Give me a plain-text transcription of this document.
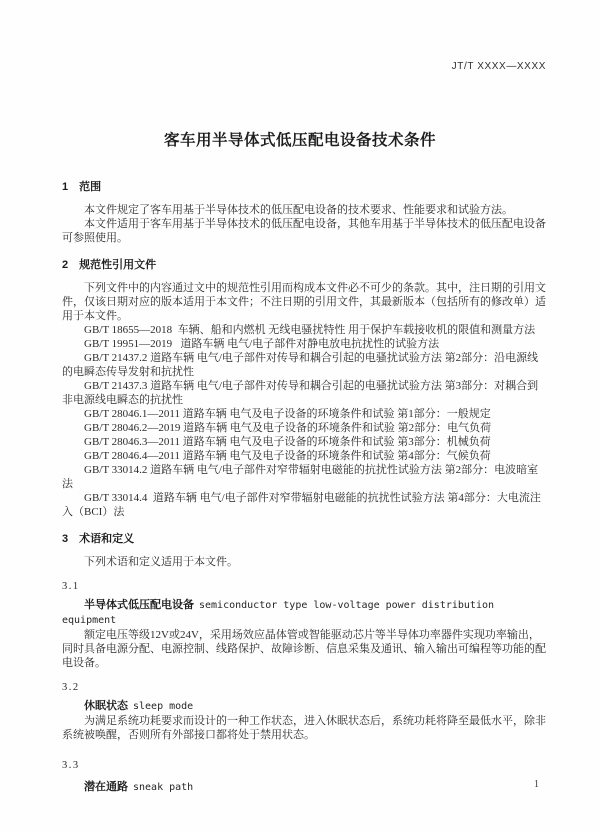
JT/T XXXX—XXXX
客车用半导体式低压配电设备技术条件
1 范围

本文件规定了客车用基于半导体技术的低压配电设备的技术要求、性能要求和试验方法。

本文件适用于客车用基于半导体技术的低压配电设备，其他车用基于半导体技术的低压配电设备可参照使用。

2 规范性引用文件

下列文件中的内容通过文中的规范性引用而构成本文件必不可少的条款。其中，注日期的引用文件，仅该日期对应的版本适用于本文件；不注日期的引用文件，其最新版本（包括所有的修改单）适用于本文件。

GB/T 18655—2018  车辆、船和内燃机 无线电骚扰特性 用于保护车载接收机的限值和测量方法

GB/T 19951—2019   道路车辆 电气/电子部件对静电放电抗扰性的试验方法

GB/T 21437.2 道路车辆 电气/电子部件对传导和耦合引起的电骚扰试验方法 第2部分：沿电源线的电瞬态传导发射和抗扰性

GB/T 21437.3 道路车辆 电气/电子部件对传导和耦合引起的电骚扰试验方法 第3部分：对耦合到非电源线电瞬态的抗扰性

GB/T 28046.1—2011 道路车辆 电气及电子设备的环境条件和试验 第1部分：一般规定

GB/T 28046.2—2019 道路车辆 电气及电子设备的环境条件和试验 第2部分：电气负荷

GB/T 28046.3—2011 道路车辆 电气及电子设备的环境条件和试验 第3部分：机械负荷

GB/T 28046.4—2011 道路车辆 电气及电子设备的环境条件和试验 第4部分：气候负荷

GB/T 33014.2 道路车辆 电气/电子部件对窄带辐射电磁能的抗扰性试验方法 第2部分：电波暗室法

GB/T 33014.4  道路车辆 电气/电子部件对窄带辐射电磁能的抗扰性试验方法 第4部分：大电流注入（BCI）法

3 术语和定义

下列术语和定义适用于本文件。

3.1

半导体式低压配电设备 semiconductor type low-voltage power distribution equipment

额定电压等级12V或24V，采用场效应晶体管或智能驱动芯片等半导体功率器件实现功率输出，同时具备电源分配、电源控制、线路保护、故障诊断、信息采集及通讯、输入输出可编程等功能的配电设备。

3.2

休眠状态 sleep mode

为满足系统功耗要求而设计的一种工作状态，进入休眠状态后，系统功耗将降至最低水平，除非系统被唤醒，否则所有外部接口都将处于禁用状态。

3.3

潜在通路 sneak path	1
